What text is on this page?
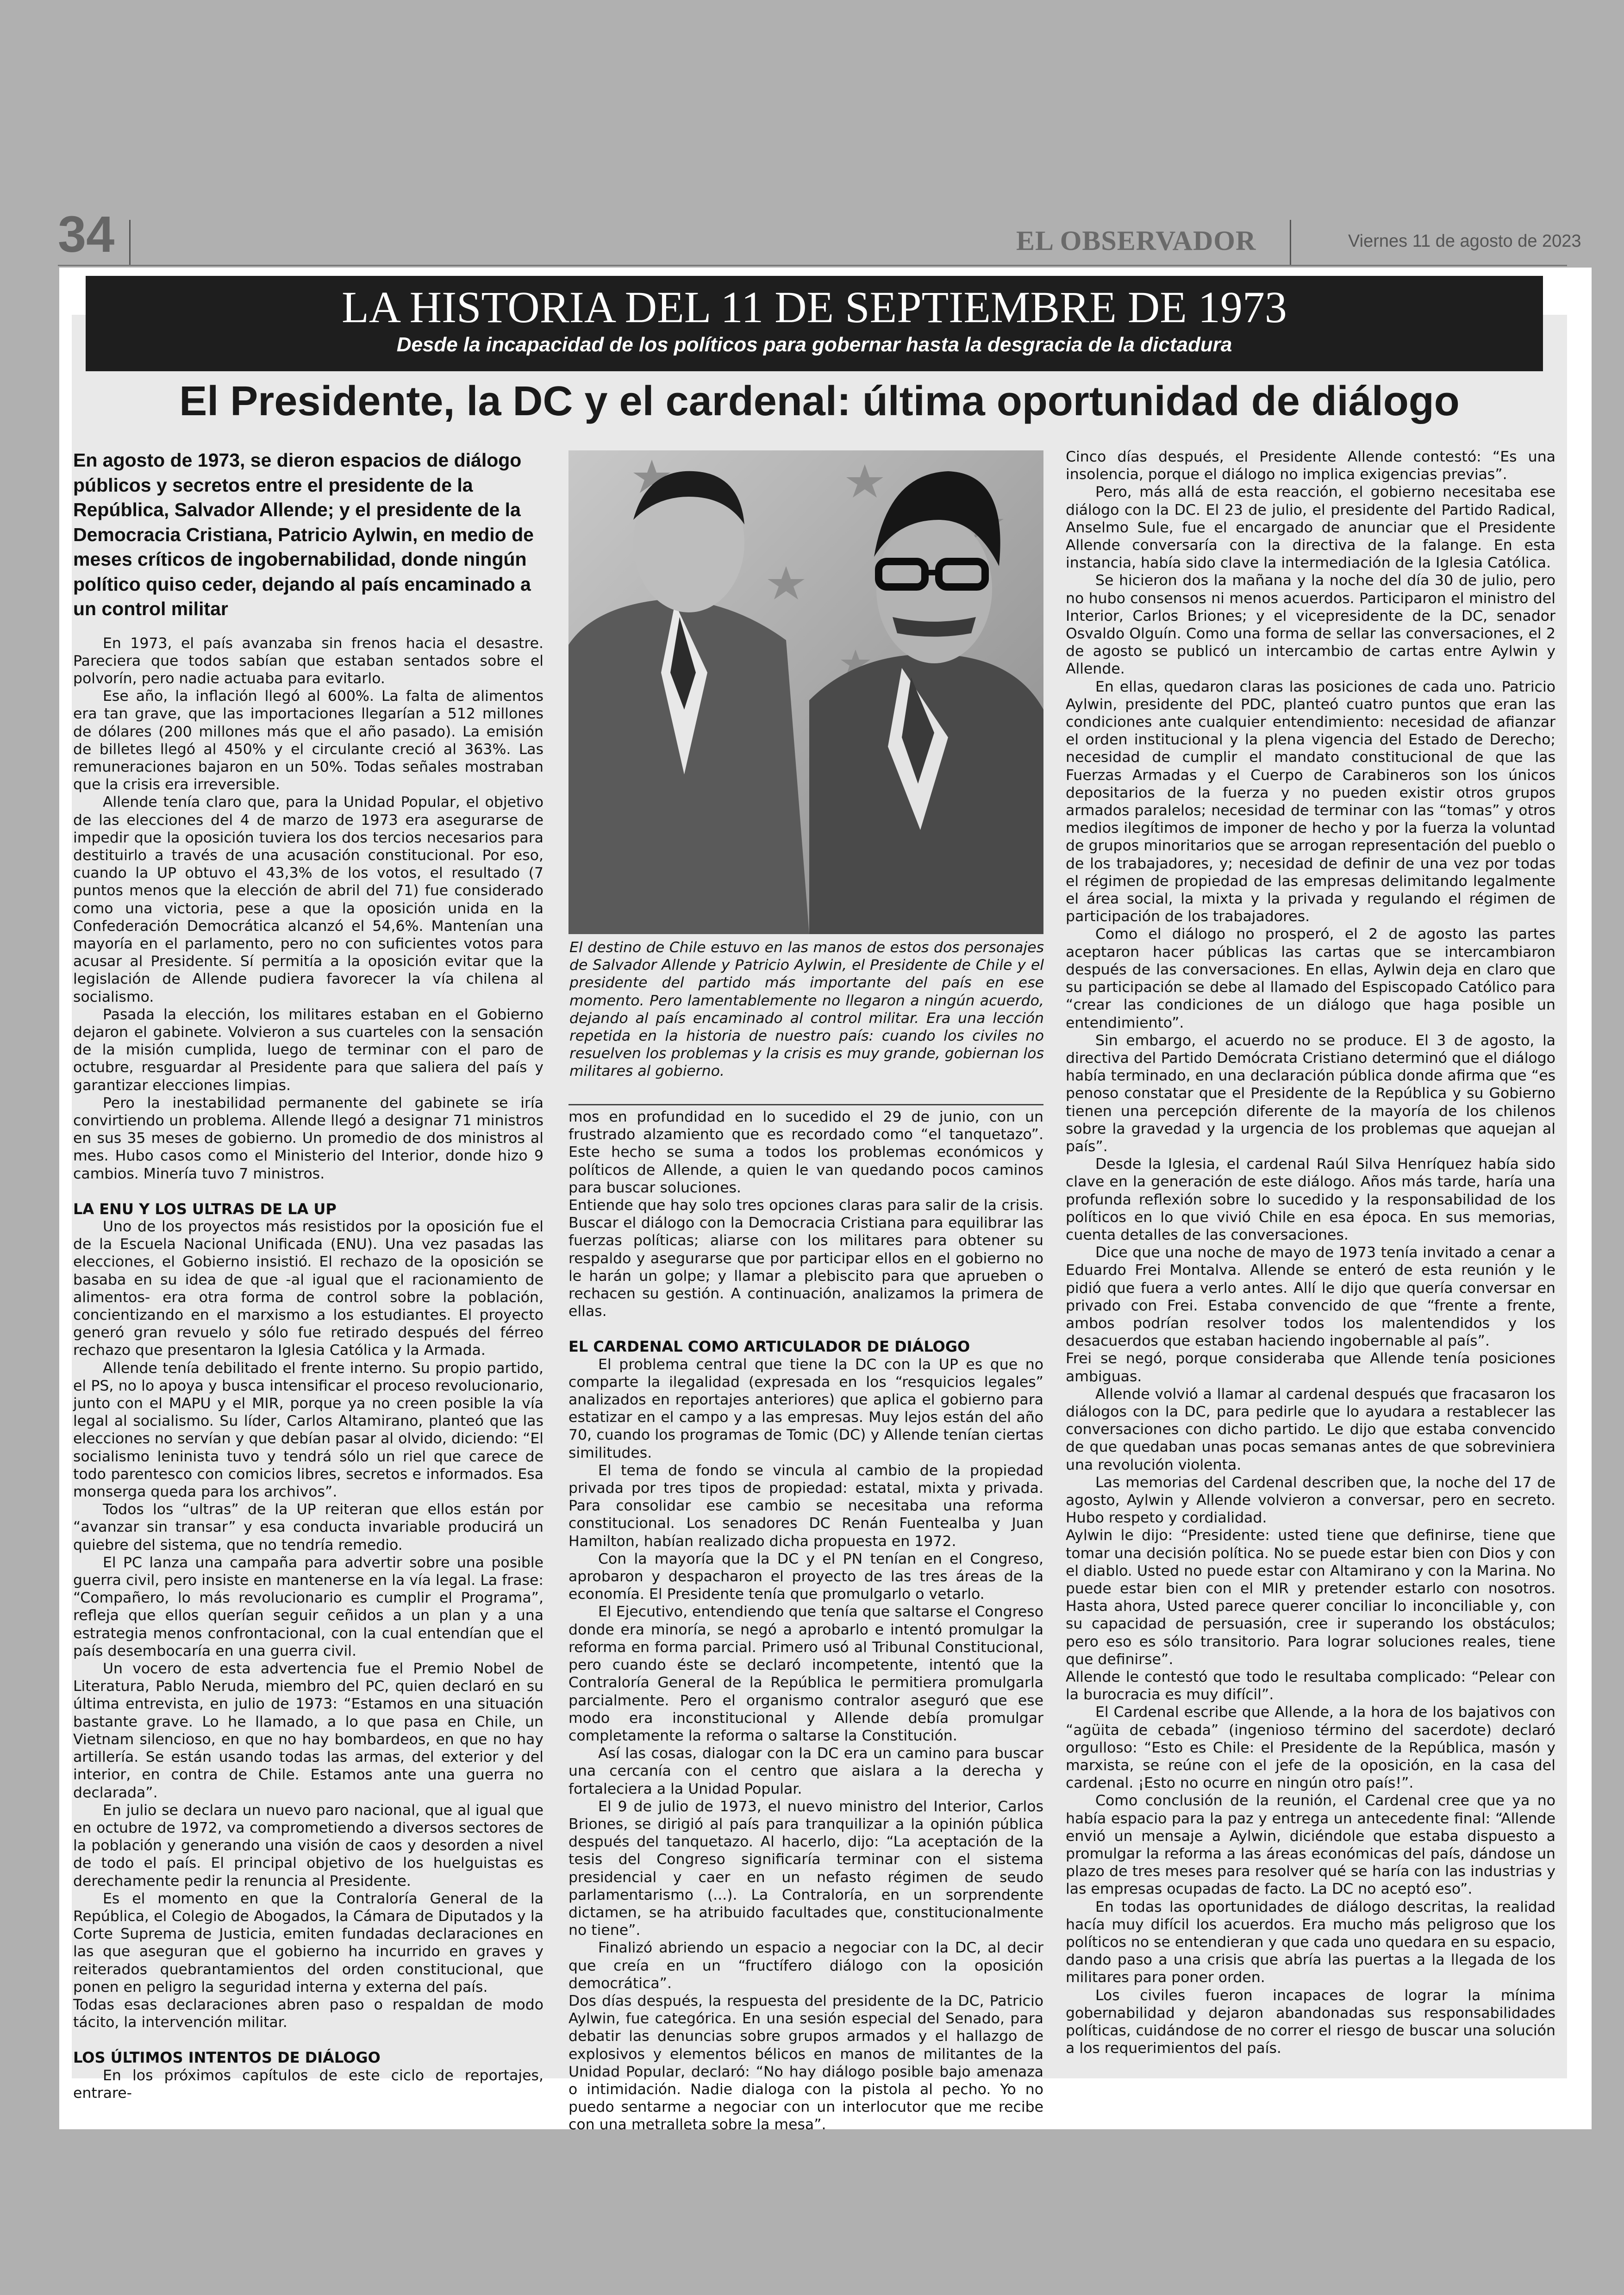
34	EL OBSERVADOR	Viernes 11 de agosto de 2023
LA HISTORIA DEL 11 DE SEPTIEMBRE DE 1973
Desde la incapacidad de los políticos para gobernar hasta la desgracia de la dictadura
El Presidente, la DC y el cardenal: última oportunidad de diálogo

En agosto de 1973, se dieron espacios de diálogo públicos y secretos entre el presidente de la República, Salvador Allende; y el presidente de la Democracia Cristiana, Patricio Aylwin, en medio de meses críticos de ingobernabilidad, donde ningún político quiso ceder, dejando al país encaminado a un control militar

En 1973, el país avanzaba sin frenos hacia el desastre. Pareciera que todos sabían que estaban sentados sobre el polvorín, pero nadie actuaba para evitarlo.

Ese año, la inflación llegó al 600%. La falta de alimentos era tan grave, que las importaciones llegarían a 512 millones de dólares (200 millones más que el año pasado). La emisión de billetes llegó al 450% y el circulante creció al 363%. Las remuneraciones bajaron en un 50%. Todas señales mostraban que la crisis era irreversible.

Allende tenía claro que, para la Unidad Popular, el objetivo de las elecciones del 4 de marzo de 1973 era asegurarse de impedir que la oposición tuviera los dos tercios necesarios para destituirlo a través de una acusación constitucional. Por eso, cuando la UP obtuvo el 43,3% de los votos, el resultado (7 puntos menos que la elección de abril del 71) fue considerado como una victoria, pese a que la oposición unida en la Confederación Democrática alcanzó el 54,6%. Mantenían una mayoría en el parlamento, pero no con suficientes votos para acusar al Presidente. Sí permitía a la oposición evitar que la legislación de Allende pudiera favorecer la vía chilena al socialismo.

Pasada la elección, los militares estaban en el Gobierno dejaron el gabinete. Volvieron a sus cuarteles con la sensación de la misión cumplida, luego de terminar con el paro de octubre, resguardar al Presidente para que saliera del país y garantizar elecciones limpias.

Pero la inestabilidad permanente del gabinete se iría convirtiendo un problema. Allende llegó a designar 71 ministros en sus 35 meses de gobierno. Un promedio de dos ministros al mes. Hubo casos como el Ministerio del Interior, donde hizo 9 cambios. Minería tuvo 7 ministros.

LA ENU Y LOS ULTRAS DE LA UP

Uno de los proyectos más resistidos por la oposición fue el de la Escuela Nacional Unificada (ENU). Una vez pasadas las elecciones, el Gobierno insistió. El rechazo de la oposición se basaba en su idea de que -al igual que el racionamiento de alimentos- era otra forma de control sobre la población, concientizando en el marxismo a los estudiantes. El proyecto generó gran revuelo y sólo fue retirado después del férreo rechazo que presentaron la Iglesia Católica y la Armada.

Allende tenía debilitado el frente interno. Su propio partido, el PS, no lo apoya y busca intensificar el proceso revolucionario, junto con el MAPU y el MIR, porque ya no creen posible la vía legal al socialismo. Su líder, Carlos Altamirano, planteó que las elecciones no servían y que debían pasar al olvido, diciendo: “El socialismo leninista tuvo y tendrá sólo un riel que carece de todo parentesco con comicios libres, secretos e informados. Esa monserga queda para los archivos”.

Todos los “ultras” de la UP reiteran que ellos están por “avanzar sin transar” y esa conducta invariable producirá un quiebre del sistema, que no tendría remedio.

El PC lanza una campaña para advertir sobre una posible guerra civil, pero insiste en mantenerse en la vía legal. La frase: “Compañero, lo más revolucionario es cumplir el Programa”, refleja que ellos querían seguir ceñidos a un plan y a una estrategia menos confrontacional, con la cual entendían que el país desembocaría en una guerra civil.

Un vocero de esta advertencia fue el Premio Nobel de Literatura, Pablo Neruda, miembro del PC, quien declaró en su última entrevista, en julio de 1973: “Estamos en una situación bastante grave. Lo he llamado, a lo que pasa en Chile, un Vietnam silencioso, en que no hay bombardeos, en que no hay artillería. Se están usando todas las armas, del exterior y del interior, en contra de Chile. Estamos ante una guerra no declarada”.

En julio se declara un nuevo paro nacional, que al igual que en octubre de 1972, va comprometiendo a diversos sectores de la población y generando una visión de caos y desorden a nivel de todo el país. El principal objetivo de los huelguistas es derechamente pedir la renuncia al Presidente.

Es el momento en que la Contraloría General de la República, el Colegio de Abogados, la Cámara de Diputados y la Corte Suprema de Justicia, emiten fundadas declaraciones en las que aseguran que el gobierno ha incurrido en graves y reiterados quebrantamientos del orden constitucional, que ponen en peligro la seguridad interna y externa del país.

Todas esas declaraciones abren paso o respaldan de modo tácito, la intervención militar.

LOS ÚLTIMOS INTENTOS DE DIÁLOGO

En los próximos capítulos de este ciclo de reportajes, entrare-

El destino de Chile estuvo en las manos de estos dos personajes de Salvador Allende y Patricio Aylwin, el Presidente de Chile y el presidente del partido más importante del país en ese momento. Pero lamentablemente no llegaron a ningún acuerdo, dejando al país encaminado al control militar. Era una lección repetida en la historia de nuestro país: cuando los civiles no resuelven los problemas y la crisis es muy grande, gobiernan los militares al gobierno.

mos en profundidad en lo sucedido el 29 de junio, con un frustrado alzamiento que es recordado como “el tanquetazo”. Este hecho se suma a todos los problemas económicos y políticos de Allende, a quien le van quedando pocos caminos para buscar soluciones.

Entiende que hay solo tres opciones claras para salir de la crisis. Buscar el diálogo con la Democracia Cristiana para equilibrar las fuerzas políticas; aliarse con los militares para obtener su respaldo y asegurarse que por participar ellos en el gobierno no le harán un golpe; y llamar a plebiscito para que aprueben o rechacen su gestión. A continuación, analizamos la primera de ellas.

EL CARDENAL COMO ARTICULADOR DE DIÁLOGO

El problema central que tiene la DC con la UP es que no comparte la ilegalidad (expresada en los “resquicios legales” analizados en reportajes anteriores) que aplica el gobierno para estatizar en el campo y a las empresas. Muy lejos están del año 70, cuando los programas de Tomic (DC) y Allende tenían ciertas similitudes.

El tema de fondo se vincula al cambio de la propiedad privada por tres tipos de propiedad: estatal, mixta y privada. Para consolidar ese cambio se necesitaba una reforma constitucional. Los senadores DC Renán Fuentealba y Juan Hamilton, habían realizado dicha propuesta en 1972.

Con la mayoría que la DC y el PN tenían en el Congreso, aprobaron y despacharon el proyecto de las tres áreas de la economía. El Presidente tenía que promulgarlo o vetarlo.

El Ejecutivo, entendiendo que tenía que saltarse el Congreso donde era minoría, se negó a aprobarlo e intentó promulgar la reforma en forma parcial. Primero usó al Tribunal Constitucional, pero cuando éste se declaró incompetente, intentó que la Contraloría General de la República le permitiera promulgarla parcialmente. Pero el organismo contralor aseguró que ese modo era inconstitucional y Allende debía promulgar completamente la reforma o saltarse la Constitución.

Así las cosas, dialogar con la DC era un camino para buscar una cercanía con el centro que aislara a la derecha y fortaleciera a la Unidad Popular.

El 9 de julio de 1973, el nuevo ministro del Interior, Carlos Briones, se dirigió al país para tranquilizar a la opinión pública después del tanquetazo. Al hacerlo, dijo: “La aceptación de la tesis del Congreso significaría terminar con el sistema presidencial y caer en un nefasto régimen de seudo parlamentarismo (...). La Contraloría, en un sorprendente dictamen, se ha atribuido facultades que, constitucionalmente no tiene”.

Finalizó abriendo un espacio a negociar con la DC, al decir que creía en un “fructífero diálogo con la oposición democrática”.

Dos días después, la respuesta del presidente de la DC, Patricio Aylwin, fue categórica. En una sesión especial del Senado, para debatir las denuncias sobre grupos armados y el hallazgo de explosivos y elementos bélicos en manos de militantes de la Unidad Popular, declaró: “No hay diálogo posible bajo amenaza o intimidación. Nadie dialoga con la pistola al pecho. Yo no puedo sentarme a negociar con un interlocutor que me recibe con una metralleta sobre la mesa”.

Cinco días después, el Presidente Allende contestó: “Es una insolencia, porque el diálogo no implica exigencias previas”.

Pero, más allá de esta reacción, el gobierno necesitaba ese diálogo con la DC. El 23 de julio, el presidente del Partido Radical, Anselmo Sule, fue el encargado de anunciar que el Presidente Allende conversaría con la directiva de la falange. En esta instancia, había sido clave la intermediación de la Iglesia Católica.

Se hicieron dos la mañana y la noche del día 30 de julio, pero no hubo consensos ni menos acuerdos. Participaron el ministro del Interior, Carlos Briones; y el vicepresidente de la DC, senador Osvaldo Olguín. Como una forma de sellar las conversaciones, el 2 de agosto se publicó un intercambio de cartas entre Aylwin y Allende.

En ellas, quedaron claras las posiciones de cada uno. Patricio Aylwin, presidente del PDC, planteó cuatro puntos que eran las condiciones ante cualquier entendimiento: necesidad de afianzar el orden institucional y la plena vigencia del Estado de Derecho; necesidad de cumplir el mandato constitucional de que las Fuerzas Armadas y el Cuerpo de Carabineros son los únicos depositarios de la fuerza y no pueden existir otros grupos armados paralelos; necesidad de terminar con las “tomas” y otros medios ilegítimos de imponer de hecho y por la fuerza la voluntad de grupos minoritarios que se arrogan representación del pueblo o de los trabajadores, y; necesidad de definir de una vez por todas el régimen de propiedad de las empresas delimitando legalmente el área social, la mixta y la privada y regulando el régimen de participación de los trabajadores.

Como el diálogo no prosperó, el 2 de agosto las partes aceptaron hacer públicas las cartas que se intercambiaron después de las conversaciones. En ellas, Aylwin deja en claro que su participación se debe al llamado del Espiscopado Católico para “crear las condiciones de un diálogo que haga posible un entendimiento”.

Sin embargo, el acuerdo no se produce. El 3 de agosto, la directiva del Partido Demócrata Cristiano determinó que el diálogo había terminado, en una declaración pública donde afirma que “es penoso constatar que el Presidente de la República y su Gobierno tienen una percepción diferente de la mayoría de los chilenos sobre la gravedad y la urgencia de los problemas que aquejan al país”.

Desde la Iglesia, el cardenal Raúl Silva Henríquez había sido clave en la generación de este diálogo. Años más tarde, haría una profunda reflexión sobre lo sucedido y la responsabilidad de los políticos en lo que vivió Chile en esa época. En sus memorias, cuenta detalles de las conversaciones.

Dice que una noche de mayo de 1973 tenía invitado a cenar a Eduardo Frei Montalva. Allende se enteró de esta reunión y le pidió que fuera a verlo antes. Allí le dijo que quería conversar en privado con Frei. Estaba convencido de que “frente a frente, ambos podrían resolver todos los malentendidos y los desacuerdos que estaban haciendo ingobernable al país”.

Frei se negó, porque consideraba que Allende tenía posiciones ambiguas.

Allende volvió a llamar al cardenal después que fracasaron los diálogos con la DC, para pedirle que lo ayudara a restablecer las conversaciones con dicho partido. Le dijo que estaba convencido de que quedaban unas pocas semanas antes de que sobreviniera una revolución violenta.

Las memorias del Cardenal describen que, la noche del 17 de agosto, Aylwin y Allende volvieron a conversar, pero en secreto. Hubo respeto y cordialidad.

Aylwin le dijo: “Presidente: usted tiene que definirse, tiene que tomar una decisión política. No se puede estar bien con Dios y con el diablo. Usted no puede estar con Altamirano y con la Marina. No puede estar bien con el MIR y pretender estarlo con nosotros. Hasta ahora, Usted parece querer conciliar lo inconciliable y, con su capacidad de persuasión, cree ir superando los obstáculos; pero eso es sólo transitorio. Para lograr soluciones reales, tiene que definirse”.

Allende le contestó que todo le resultaba complicado: “Pelear con la burocracia es muy difícil”.

El Cardenal escribe que Allende, a la hora de los bajativos con “agüita de cebada” (ingenioso término del sacerdote) declaró orgulloso: “Esto es Chile: el Presidente de la República, masón y marxista, se reúne con el jefe de la oposición, en la casa del cardenal. ¡Esto no ocurre en ningún otro país!”.

Como conclusión de la reunión, el Cardenal cree que ya no había espacio para la paz y entrega un antecedente final: “Allende envió un mensaje a Aylwin, diciéndole que estaba dispuesto a promulgar la reforma a las áreas económicas del país, dándose un plazo de tres meses para resolver qué se haría con las industrias y las empresas ocupadas de facto. La DC no aceptó eso”.

En todas las oportunidades de diálogo descritas, la realidad hacía muy difícil los acuerdos. Era mucho más peligroso que los políticos no se entendieran y que cada uno quedara en su espacio, dando paso a una crisis que abría las puertas a la llegada de los militares para poner orden.

Los civiles fueron incapaces de lograr la mínima gobernabilidad y dejaron abandonadas sus responsabilidades políticas, cuidándose de no correr el riesgo de buscar una solución a los requerimientos del país.
